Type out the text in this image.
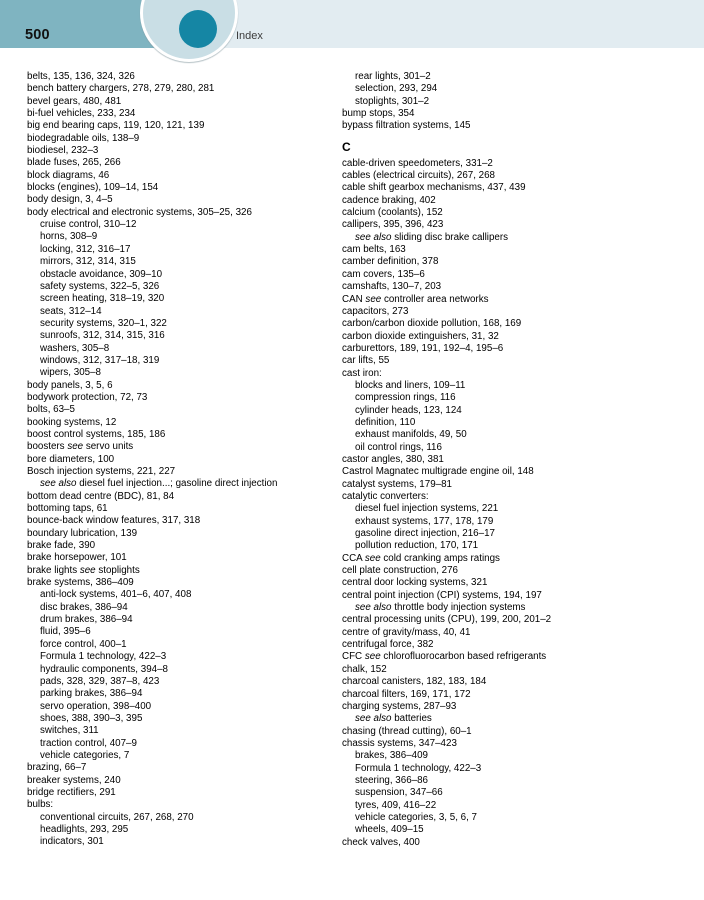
500	Index
belts, 135, 136, 324, 326
bench battery chargers, 278, 279, 280, 281
bevel gears, 480, 481
bi-fuel vehicles, 233, 234
big end bearing caps, 119, 120, 121, 139
biodegradable oils, 138–9
biodiesel, 232–3
blade fuses, 265, 266
block diagrams, 46
blocks (engines), 109–14, 154
body design, 3, 4–5
body electrical and electronic systems, 305–25, 326
cruise control, 310–12
horns, 308–9
locking, 312, 316–17
mirrors, 312, 314, 315
obstacle avoidance, 309–10
safety systems, 322–5, 326
screen heating, 318–19, 320
seats, 312–14
security systems, 320–1, 322
sunroofs, 312, 314, 315, 316
washers, 305–8
windows, 312, 317–18, 319
wipers, 305–8
body panels, 3, 5, 6
bodywork protection, 72, 73
bolts, 63–5
booking systems, 12
boost control systems, 185, 186
boosters see servo units
bore diameters, 100
Bosch injection systems, 221, 227
see also diesel fuel injection...; gasoline direct injection
bottom dead centre (BDC), 81, 84
bottoming taps, 61
bounce-back window features, 317, 318
boundary lubrication, 139
brake fade, 390
brake horsepower, 101
brake lights see stoplights
brake systems, 386–409
anti-lock systems, 401–6, 407, 408
disc brakes, 386–94
drum brakes, 386–94
fluid, 395–6
force control, 400–1
Formula 1 technology, 422–3
hydraulic components, 394–8
pads, 328, 329, 387–8, 423
parking brakes, 386–94
servo operation, 398–400
shoes, 388, 390–3, 395
switches, 311
traction control, 407–9
vehicle categories, 7
brazing, 66–7
breaker systems, 240
bridge rectifiers, 291
bulbs:
conventional circuits, 267, 268, 270
headlights, 293, 295
indicators, 301
rear lights, 301–2
selection, 293, 294
stoplights, 301–2
bump stops, 354
bypass filtration systems, 145
C
cable-driven speedometers, 331–2
cables (electrical circuits), 267, 268
cable shift gearbox mechanisms, 437, 439
cadence braking, 402
calcium (coolants), 152
callipers, 395, 396, 423
see also sliding disc brake callipers
cam belts, 163
camber definition, 378
cam covers, 135–6
camshafts, 130–7, 203
CAN see controller area networks
capacitors, 273
carbon/carbon dioxide pollution, 168, 169
carbon dioxide extinguishers, 31, 32
carburettors, 189, 191, 192–4, 195–6
car lifts, 55
cast iron:
blocks and liners, 109–11
compression rings, 116
cylinder heads, 123, 124
definition, 110
exhaust manifolds, 49, 50
oil control rings, 116
castor angles, 380, 381
Castrol Magnatec multigrade engine oil, 148
catalyst systems, 179–81
catalytic converters:
diesel fuel injection systems, 221
exhaust systems, 177, 178, 179
gasoline direct injection, 216–17
pollution reduction, 170, 171
CCA see cold cranking amps ratings
cell plate construction, 276
central door locking systems, 321
central point injection (CPI) systems, 194, 197
see also throttle body injection systems
central processing units (CPU), 199, 200, 201–2
centre of gravity/mass, 40, 41
centrifugal force, 382
CFC see chlorofluorocarbon based refrigerants
chalk, 152
charcoal canisters, 182, 183, 184
charcoal filters, 169, 171, 172
charging systems, 287–93
see also batteries
chasing (thread cutting), 60–1
chassis systems, 347–423
brakes, 386–409
Formula 1 technology, 422–3
steering, 366–86
suspension, 347–66
tyres, 409, 416–22
vehicle categories, 3, 5, 6, 7
wheels, 409–15
check valves, 400
